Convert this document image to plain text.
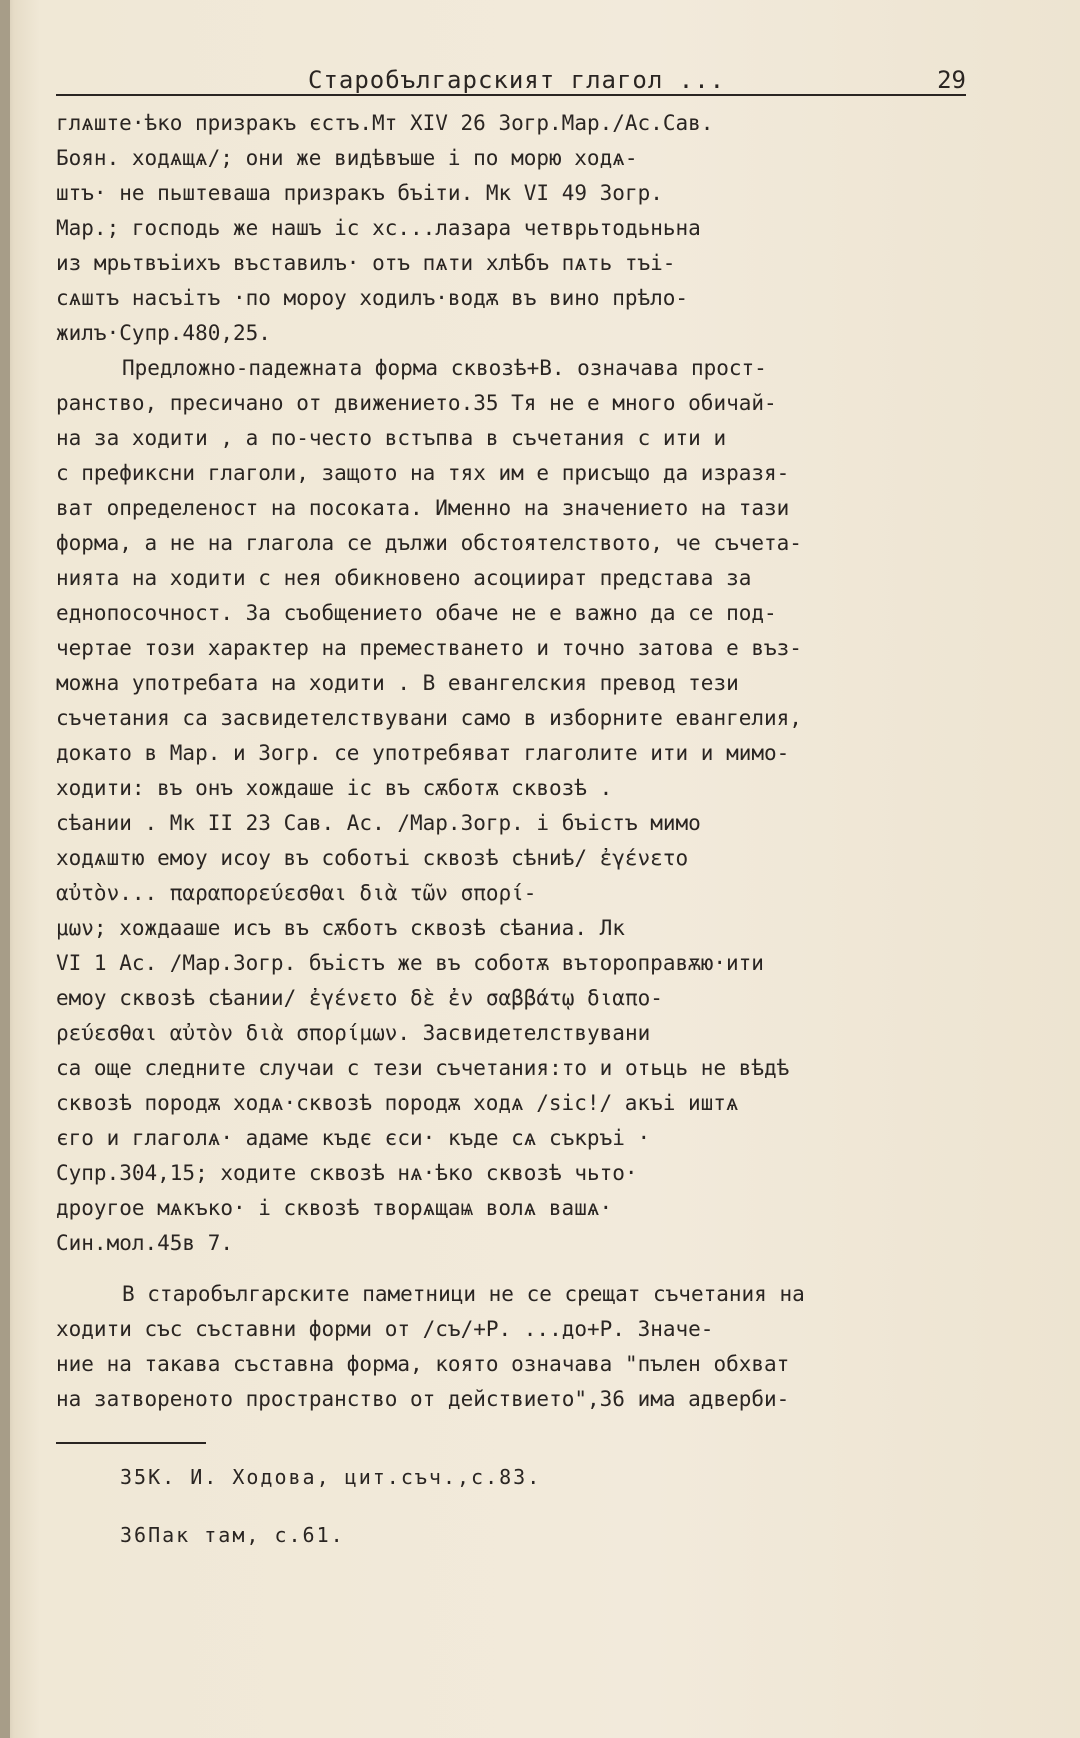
Старобългарският глагол ...	29
глѧште·ѣко призракъ єстъ.Мт XIV 26 Зогр.Мар./Ас.Сав.
Боян. ходѧщѧ/; они же видѣвъше і по морю ходѧ-
штъ· не пьштеваша призракъ бъіти. Мк VI 49 Зогр.
Мар.; господь же нашъ іс хс...лазара четврьтодьньна
из мрьтвъіихъ въставилъ· отъ пѧти хлѣбъ пѧть тъі-
сѧштъ насъітъ ·по мороу ходилъ·водѫ въ вино прѣло-
жилъ·Супр.480,25.
Предложно-падежната форма сквозѣ+В. означава прост-
ранство, пресичано от движението.35 Тя не е много обичай-
на за ходити , а по-често встъпва в съчетания с ити и
с префиксни глаголи, защото на тях им е присъщо да изразя-
ват определеност на посоката. Именно на значението на тази
форма, а не на глагола се дължи обстоятелството, че съчета-
нията на ходити с нея обикновено асоциират представа за
еднопосочност. За съобщението обаче не е важно да се под-
чертае този характер на преместването и точно затова е въз-
можна употребата на ходити . В евангелския превод тези
съчетания са засвидетелствувани само в изборните евангелия,
докато в Мар. и Зогр. се употребяват глаголите ити и мимо-
ходити: въ онъ хождаше іс въ сѫботѫ сквозѣ .
сѣании . Мк II 23 Сав. Ас. /Мар.Зогр. і бъістъ мимо
ходѧштю емоу исоу въ соботъі сквозѣ сѣниѣ/ ἐγένετο
αὐτὸν... παραπορεύεσθαι διὰ τῶν σπορί-
μων; хождааше исъ въ сѫботъ сквозѣ сѣаниа. Лк
VI 1 Ас. /Мар.Зогр. бъістъ же въ соботѫ вътороправѫю·ити
емоу сквозѣ сѣании/ ἐγένετο δὲ ἐν σαββάτῳ διαπο-
ρεύεσθαι αὐτὸν διὰ σπορίμων. Засвидетелствувани
са още следните случаи с тези съчетания:то и отьць не вѣдѣ
сквозѣ породѫ ходѧ·сквозѣ породѫ ходѧ /sic!/ акъі иштѧ
єго и глаголѧ· адаме къдє єси· къде сѧ съкръі ·
Супр.304,15; ходите сквозѣ нѧ·ѣко сквозѣ чьто·
дроугое мѧкъко· і сквозѣ творѧщаѩ волѧ вашѧ·
Син.мол.45в 7.
В старобългарските паметници не се срещат съчетания на
ходити със съставни форми от /съ/+Р. ...до+Р. Значе-
ние на такава съставна форма, която означава "пълен обхват
на затвореното пространство от действието",36 има адверби-
35К. И. Ходова, цит.съч.,с.83.
36Пак там, с.61.
